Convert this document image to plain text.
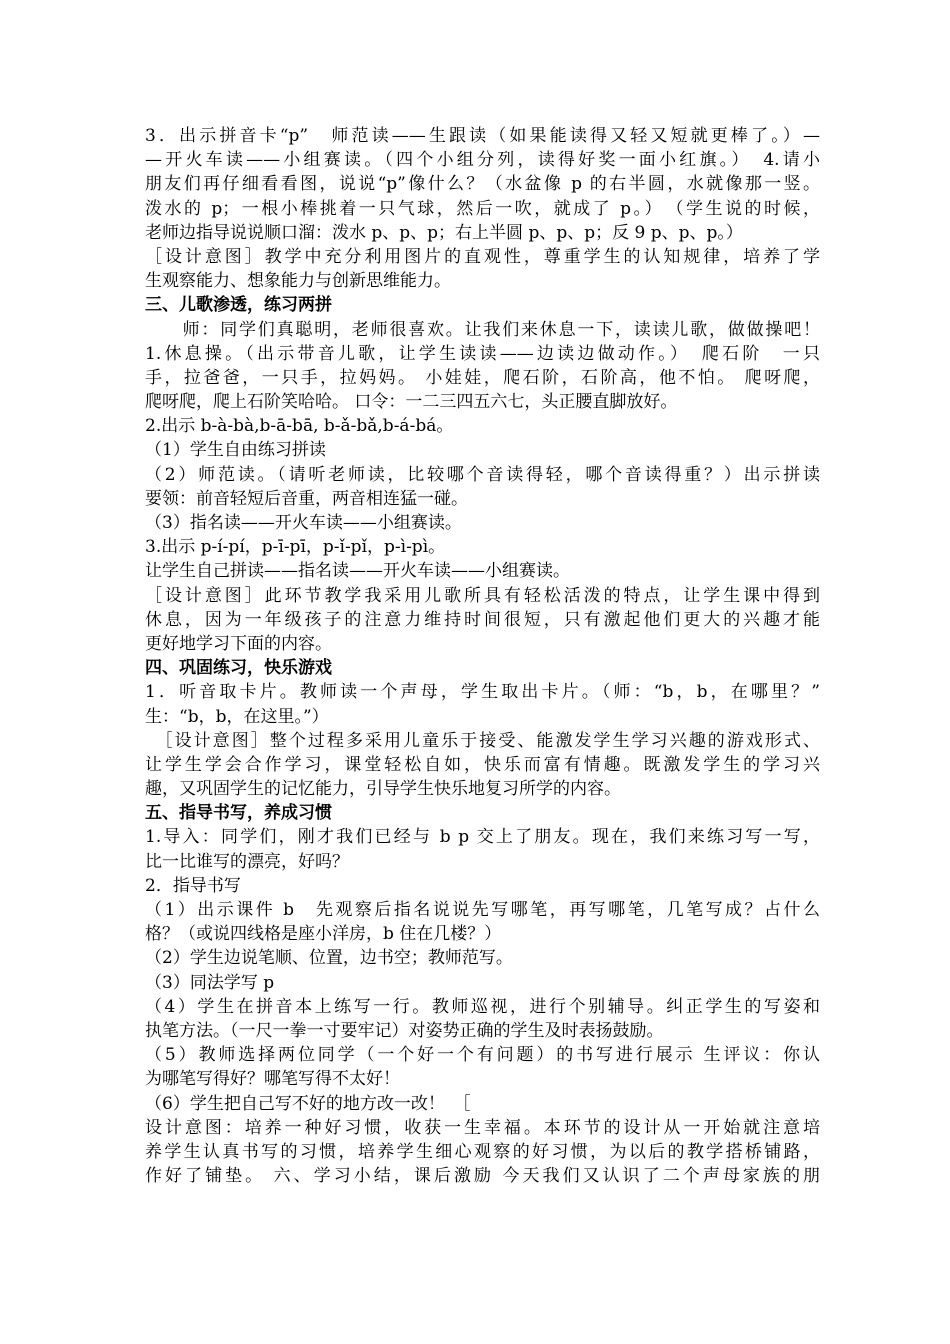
3．出示拼音卡“p”　师范读——生跟读（如果能读得又轻又短就更棒了。）—
—开火车读——小组赛读。（四个小组分列，读得好奖一面小红旗。）　4.请小
朋友们再仔细看看图，说说“p”像什么？（水盆像 p 的右半圆，水就像那一竖。
泼水的 p；一根小棒挑着一只气球，然后一吹，就成了 p。）　（学生说的时候，
老师边指导说说顺口溜：泼水 p、p、p；右上半圆 p、p、p；反 9 p、p、p。）
［设计意图］教学中充分利用图片的直观性，尊重学生的认知规律，培养了学
生观察能力、想象能力与创新思维能力。
三、儿歌渗透，练习两拼
　　师：同学们真聪明，老师很喜欢。让我们来休息一下，读读儿歌，做做操吧！
1.休息操。（出示带音儿歌，让学生读读——边读边做动作。）　爬石阶　一只
手，拉爸爸，一只手，拉妈妈。 小娃娃，爬石阶，石阶高，他不怕。 爬呀爬，
爬呀爬，爬上石阶笑哈哈。 口令：一二三四五六七，头正腰直脚放好。
2.出示 b-à-bà,b-ā-bā, b-ǎ-bǎ,b-á-bá。
（1）学生自由练习拼读
（2）师范读。（请听老师读，比较哪个音读得轻，哪个音读得重？）出示拼读
要领：前音轻短后音重，两音相连猛一碰。
（3）指名读——开火车读——小组赛读。
3.出示 p-í-pí，p-ī-pī，p-ǐ-pǐ，p-ì-pì。
让学生自己拼读——指名读——开火车读——小组赛读。
［设计意图］此环节教学我采用儿歌所具有轻松活泼的特点，让学生课中得到
休息，因为一年级孩子的注意力维持时间很短，只有激起他们更大的兴趣才能
更好地学习下面的内容。
四、巩固练习，快乐游戏
1．听音取卡片。教师读一个声母，学生取出卡片。（师：“b，b，在哪里？”
生：“b，b，在这里。”）
　［设计意图］整个过程多采用儿童乐于接受、能激发学生学习兴趣的游戏形式、
让学生学会合作学习，课堂轻松自如，快乐而富有情趣。既激发学生的学习兴
趣，又巩固学生的记忆能力，引导学生快乐地复习所学的内容。
五、指导书写，养成习惯
1.导入：同学们，刚才我们已经与 b p 交上了朋友。现在，我们来练习写一写，
比一比谁写的漂亮，好吗？
2．指导书写
（1）出示课件 b　先观察后指名说说先写哪笔，再写哪笔，几笔写成？占什么
格？（或说四线格是座小洋房，b 住在几楼？）
（2）学生边说笔顺、位置，边书空；教师范写。
（3）同法学写 p
（4）学生在拼音本上练写一行。教师巡视，进行个别辅导。纠正学生的写姿和
执笔方法。（一尺一拳一寸要牢记）对姿势正确的学生及时表扬鼓励。
（5）教师选择两位同学（一个好一个有问题）的书写进行展示 生评议：你认
为哪笔写得好？哪笔写得不太好！
（6）学生把自己写不好的地方改一改！　［
设计意图：培养一种好习惯，收获一生幸福。本环节的设计从一开始就注意培
养学生认真书写的习惯，培养学生细心观察的好习惯，为以后的教学搭桥铺路，
作好了铺垫。 六、学习小结，课后激励 今天我们又认识了二个声母家族的朋
